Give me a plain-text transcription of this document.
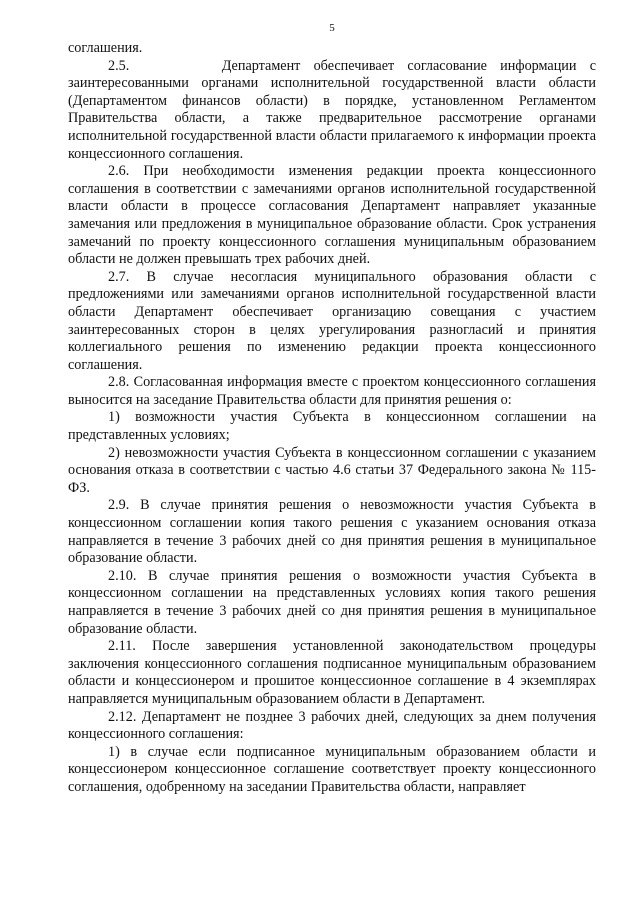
5

соглашения.

2.5.       Департамент обеспечивает согласование информации с заинтересованными органами исполнительной государственной власти области (Департаментом финансов области) в порядке, установленном Регламентом Правительства области, а также предварительное рассмотрение органами исполнительной государственной власти области прилагаемого к информации проекта концессионного соглашения.

2.6. При необходимости изменения редакции проекта концессионного соглашения в соответствии с замечаниями органов исполнительной государственной власти области в процессе согласования Департамент направляет указанные замечания или предложения в муниципальное образование области. Срок устранения замечаний по проекту концессионного соглашения муниципальным образованием области не должен превышать трех рабочих дней.

2.7. В случае несогласия муниципального образования области с предложениями или замечаниями органов исполнительной государственной власти области Департамент обеспечивает организацию совещания с участием заинтересованных сторон в целях урегулирования разногласий и принятия коллегиального решения по изменению редакции проекта концессионного соглашения.

2.8. Согласованная информация вместе с проектом концессионного соглашения выносится на заседание Правительства области для принятия решения о:

1) возможности участия Субъекта в концессионном соглашении на представленных условиях;

2) невозможности участия Субъекта в концессионном соглашении с указанием основания отказа в соответствии с частью 4.6 статьи 37 Федерального закона № 115-ФЗ.

2.9. В случае принятия решения о невозможности участия Субъекта в концессионном соглашении копия такого решения с указанием основания отказа направляется в течение 3 рабочих дней со дня принятия решения в муниципальное образование области.

2.10. В случае принятия решения о возможности участия Субъекта в концессионном соглашении на представленных условиях копия такого решения направляется в течение 3 рабочих дней со дня принятия решения в муниципальное образование области.

2.11. После завершения установленной законодательством процедуры заключения концессионного соглашения подписанное муниципальным образованием области и концессионером и прошитое концессионное соглашение в 4 экземплярах направляется муниципальным образованием области в Департамент.

2.12. Департамент не позднее 3 рабочих дней, следующих за днем получения концессионного соглашения:

1) в случае если подписанное муниципальным образованием области и концессионером концессионное соглашение соответствует проекту концессионного соглашения, одобренному на заседании Правительства области, направляет
